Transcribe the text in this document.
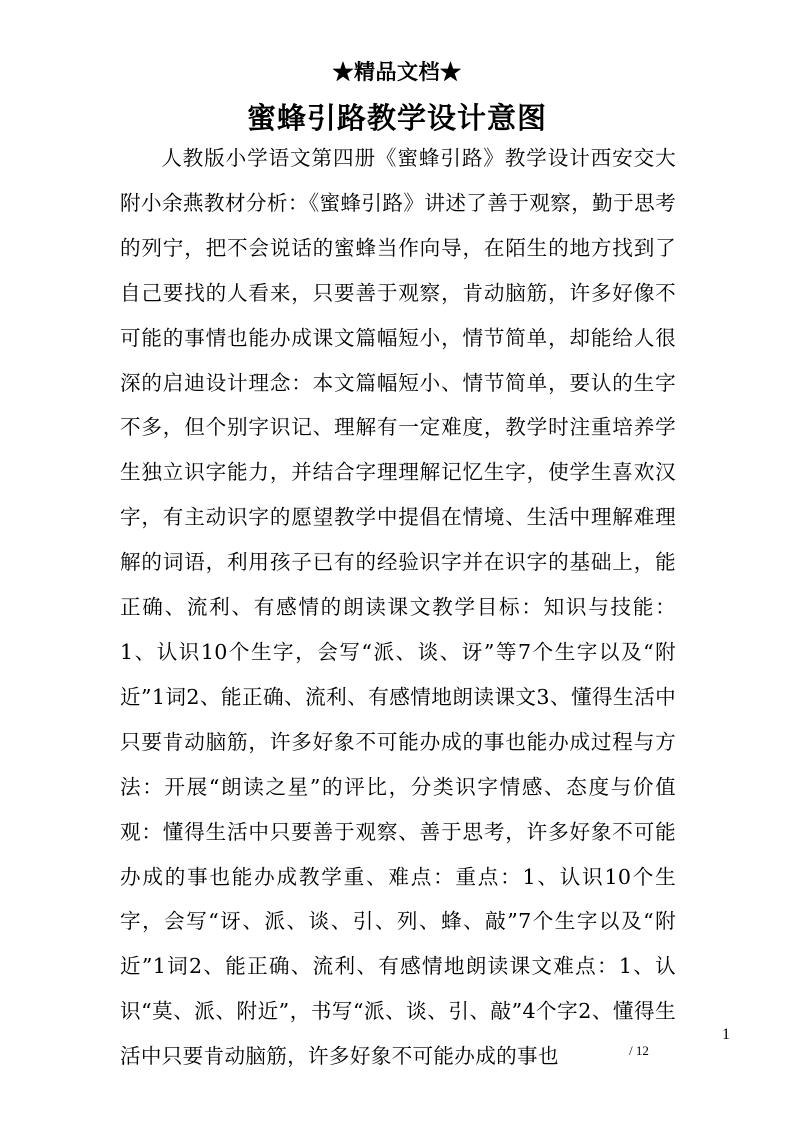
★精品文档★
蜜蜂引路教学设计意图

人教版小学语文第四册《蜜蜂引路》教学设计西安交大附小余燕教材分析：《蜜蜂引路》讲述了善于观察，勤于思考的列宁，把不会说话的蜜蜂当作向导，在陌生的地方找到了自己要找的人看来，只要善于观察，肯动脑筋，许多好像不可能的事情也能办成课文篇幅短小，情节简单，却能给人很深的启迪设计理念：本文篇幅短小、情节简单，要认的生字不多，但个别字识记、理解有一定难度，教学时注重培养学生独立识字能力，并结合字理理解记忆生字，使学生喜欢汉字，有主动识字的愿望教学中提倡在情境、生活中理解难理解的词语，利用孩子已有的经验识字并在识字的基础上，能正确、流利、有感情的朗读课文教学目标：知识与技能：1、认识10个生字，会写“派、谈、讶”等7个生字以及“附近”1词2、能正确、流利、有感情地朗读课文3、懂得生活中只要肯动脑筋，许多好象不可能办成的事也能办成过程与方法：开展“朗读之星”的评比，分类识字情感、态度与价值观：懂得生活中只要善于观察、善于思考，许多好象不可能办成的事也能办成教学重、难点：重点：1、认识10个生字，会写“讶、派、谈、引、列、蜂、敲”7个生字以及“附近”1词2、能正确、流利、有感情地朗读课文难点：1、认识“莫、派、附近”，书写“派、谈、引、敲”4个字2、懂得生活中只要肯动脑筋，许多好象不可能办成的事也

1
/ 12
